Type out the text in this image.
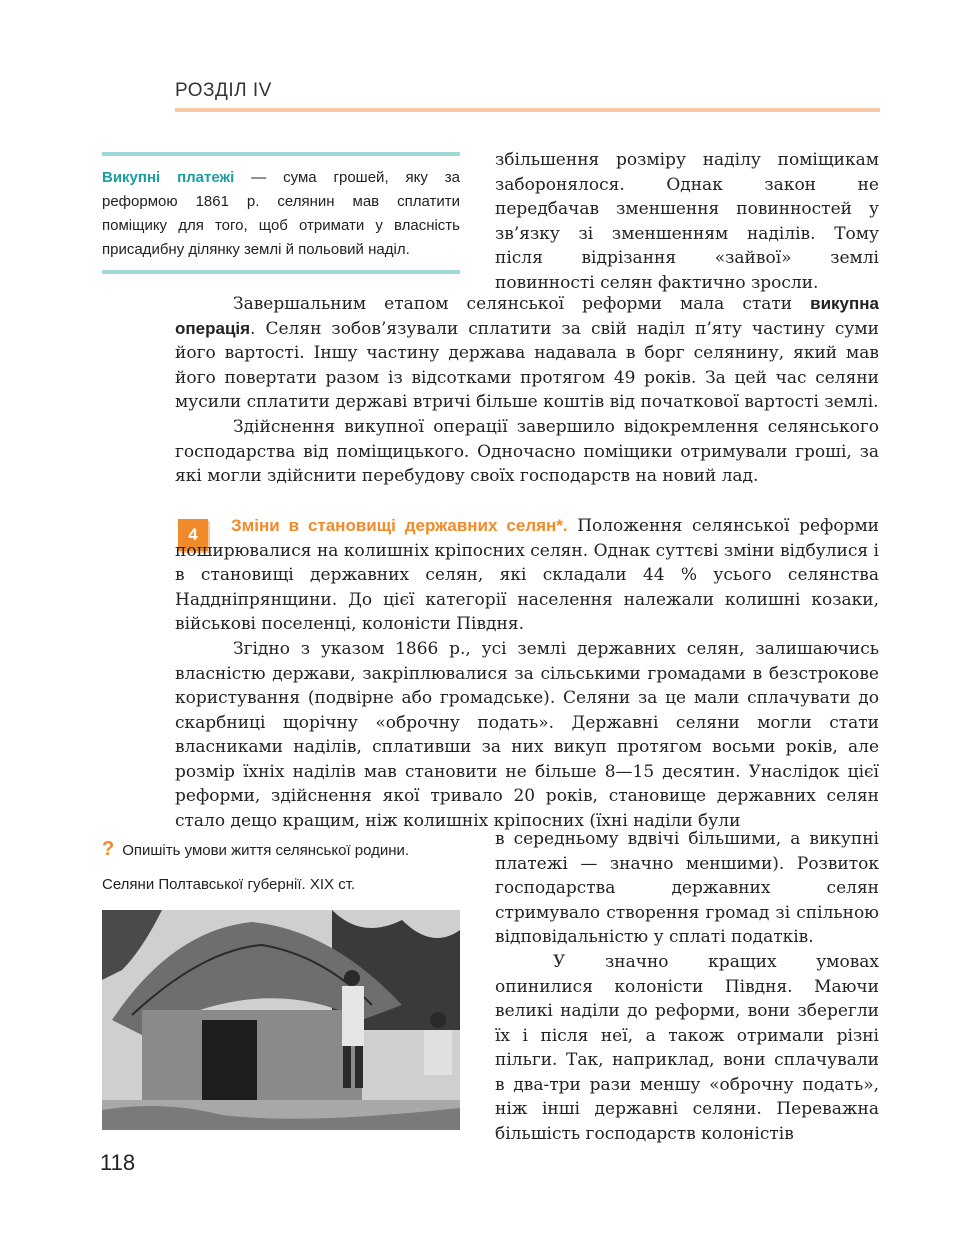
РОЗДІЛ IV
Викупні платежі — сума грошей, яку за реформою 1861 р. селянин мав сплатити поміщику для того, щоб отримати у власність присадибну ділянку землі й польовий наділ.

збільшення розміру наділу поміщикам заборонялося. Однак закон не передбачав зменшення повинностей у зв’язку зі зменшенням наділів. Тому після відрізання «зайвої» землі повинності селян фактично зросли.

Завершальним етапом селянської реформи мала стати викупна операція. Селян зобов’язували сплатити за свій наділ п’яту частину суми його вартості. Іншу частину держава надавала в борг селянину, який мав його повертати разом із відсотками протягом 49 років. За цей час селяни мусили сплатити державі втричі більше коштів від початкової вартості землі.

Здійснення викупної операції завершило відокремлення селянського господарства від поміщицького. Одночасно поміщики отримували гроші, за які могли здійснити перебудову своїх господарств на новий лад.

4	Зміни в становищі державних селян*. Положення селянської реформи поширювалися на колишніх кріпосних селян. Однак суттєві зміни відбулися і в становищі державних селян, які складали 44 % усього селянства Наддніпрянщини. До цієї категорії населення належали колишні козаки, військові поселенці, колоністи Півдня.

Згідно з указом 1866 р., усі землі державних селян, залишаючись власністю держави, закріплювалися за сільськими громадами в безстрокове користування (подвірне або громадське). Селяни за це мали сплачувати до скарбниці щорічну «оброчну подать». Державні селяни могли стати власниками наділів, сплативши за них викуп протягом восьми років, але розмір їхніх наділів мав становити не більше 8—15 десятин. Унаслідок цієї реформи, здійснення якої тривало 20 років, становище державних селян стало дещо кращим, ніж колишніх кріпосних (їхні наділи були

в середньому вдвічі більшими, а викупні платежі — значно меншими). Розвиток господарства державних селян стримувало створення громад зі спільною відповідальністю у сплаті податків.

У значно кращих умовах опинилися колоністи Півдня. Маючи великі наділи до реформи, вони зберегли їх і після неї, а також отримали різні пільги. Так, наприклад, вони сплачували в два-три рази меншу «оброчну подать», ніж інші державні селяни. Переважна більшість господарств колоністів

? Опишіть умови життя селянської родини.
Селяни Полтавської губернії. XIX ст.
118
